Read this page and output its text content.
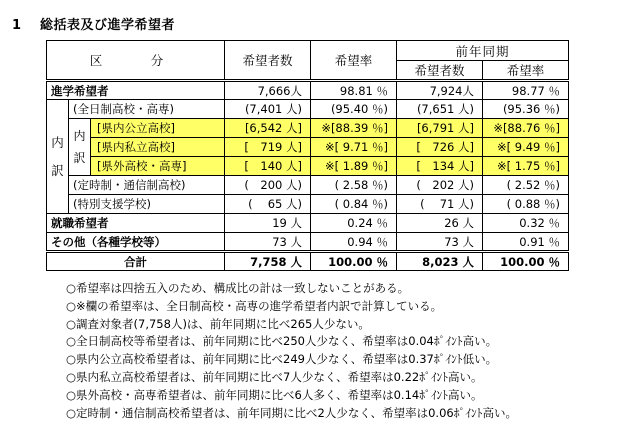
1 総括表及び進学希望者
区　分			希望者数	希望率	前年同期	
					希望者数	希望率
進学希望者			7,666人	98.81 ％	7,924人	98.77 ％
内訳	(全日制高校・高専)		(7,401 人)	(95.40 ％)	(7,651 人)	(95.36 ％)
	内訳	[県内公立高校]	[6,542 人]	※[88.39 ％]	[6,791 人]	※[88.76 ％]
		[県内私立高校]	[　719 人]	※[ 9.71 ％]	[　726 人]	※[ 9.49 ％]
		[県外高校・高専]	[　140 人]	※[ 1.89 ％]	[　134 人]	※[ 1.75 ％]
	(定時制・通信制高校)		(　200 人)	( 2.58 ％)	(　202 人)	( 2.52 ％)
	(特別支援学校)		(　 65 人)	( 0.84 ％)	(　 71 人)	( 0.88 ％)
就職希望者			19 人	0.24 ％	26 人	0.32 ％
その他（各種学校等）			73 人	0.94 ％	73 人	0.91 ％
合計			7,758 人	100.00 ％	8,023 人	100.00 ％
○希望率は四捨五入のため、構成比の計は一致しないことがある。
○※欄の希望率は、全日制高校・高専の進学希望者内訳で計算している。
○調査対象者(7,758人)は、前年同期に比べ265人少ない。
○全日制高校等希望者は、前年同期に比べ250人少なく、希望率は0.04ﾎﾟｲﾝﾄ高い。
○県内公立高校希望者は、前年同期に比べ249人少なく、希望率は0.37ﾎﾟｲﾝﾄ低い。
○県内私立高校希望者は、前年同期に比べ7人少なく、希望率は0.22ﾎﾟｲﾝﾄ高い。
○県外高校・高専希望者は、前年同期に比べ6人多く、希望率は0.14ﾎﾟｲﾝﾄ高い。
○定時制・通信制高校希望者は、前年同期に比べ2人少なく、希望率は0.06ﾎﾟｲﾝﾄ高い。
